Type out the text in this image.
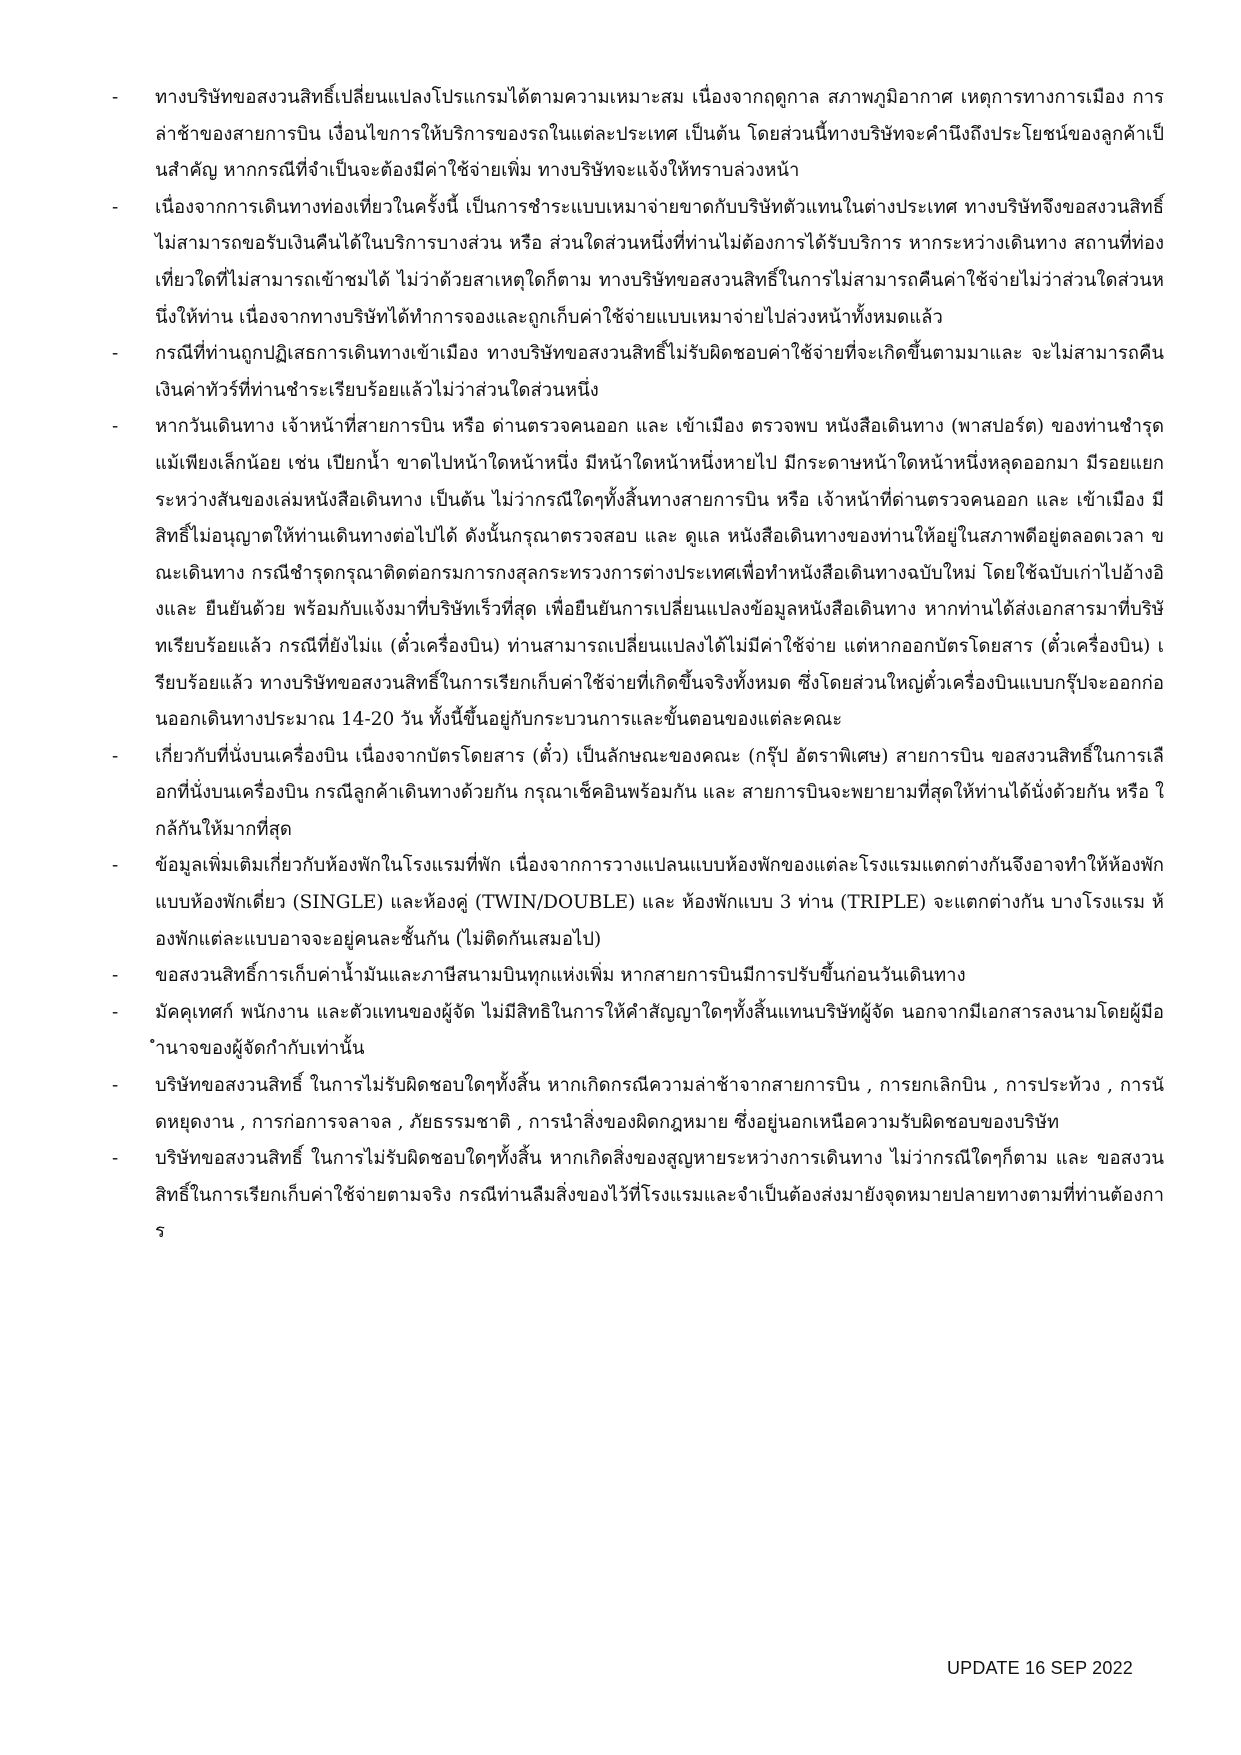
-	ทางบริษัทขอสงวนสิทธิ์เปลี่ยนแปลงโปรแกรมได้ตามความเหมาะสม เนื่องจากฤดูกาล สภาพภูมิอากาศ เหตุการทางการเมือง การล่าช้าของสายการบิน เงื่อนไขการให้บริการของรถในแต่ละประเทศ เป็นต้น โดยส่วนนี้ทางบริษัทจะคำนึงถึงประโยชน์ของลูกค้าเป็นสำคัญ หากกรณีที่จำเป็นจะต้องมีค่าใช้จ่ายเพิ่ม ทางบริษัทจะแจ้งให้ทราบล่วงหน้า
-	เนื่องจากการเดินทางท่องเที่ยวในครั้งนี้ เป็นการชำระแบบเหมาจ่ายขาดกับบริษัทตัวแทนในต่างประเทศ ทางบริษัทจึงขอสงวนสิทธิ์ ไม่สามารถขอรับเงินคืนได้ในบริการบางส่วน หรือ ส่วนใดส่วนหนึ่งที่ท่านไม่ต้องการได้รับบริการ หากระหว่างเดินทาง สถานที่ท่องเที่ยวใดที่ไม่สามารถเข้าชมได้ ไม่ว่าด้วยสาเหตุใดก็ตาม ทางบริษัทขอสงวนสิทธิ์ในการไม่สามารถคืนค่าใช้จ่ายไม่ว่าส่วนใดส่วนหนึ่งให้ท่าน เนื่องจากทางบริษัทได้ทำการจองและถูกเก็บค่าใช้จ่ายแบบเหมาจ่ายไปล่วงหน้าทั้งหมดแล้ว
-	กรณีที่ท่านถูกปฏิเสธการเดินทางเข้าเมือง ทางบริษัทขอสงวนสิทธิ์ไม่รับผิดชอบค่าใช้จ่ายที่จะเกิดขึ้นตามมาและ จะไม่สามารถคืนเงินค่าทัวร์ที่ท่านชำระเรียบร้อยแล้วไม่ว่าส่วนใดส่วนหนึ่ง
-	หากวันเดินทาง เจ้าหน้าที่สายการบิน หรือ ด่านตรวจคนออก และ เข้าเมือง ตรวจพบ หนังสือเดินทาง (พาสปอร์ต) ของท่านชำรุดแม้เพียงเล็กน้อย เช่น เปียกน้ำ ขาดไปหน้าใดหน้าหนึ่ง มีหน้าใดหน้าหนึ่งหายไป มีกระดาษหน้าใดหน้าหนึ่งหลุดออกมา มีรอยแยกระหว่างสันของเล่มหนังสือเดินทาง เป็นต้น ไม่ว่ากรณีใดๆทั้งสิ้นทางสายการบิน หรือ เจ้าหน้าที่ด่านตรวจคนออก และ เข้าเมือง มีสิทธิ์ไม่อนุญาตให้ท่านเดินทางต่อไปได้ ดังนั้นกรุณาตรวจสอบ และ ดูแล หนังสือเดินทางของท่านให้อยู่ในสภาพดีอยู่ตลอดเวลา ขณะเดินทาง กรณีชำรุดกรุณาติดต่อกรมการกงสุลกระทรวงการต่างประเทศเพื่อทำหนังสือเดินทางฉบับใหม่ โดยใช้ฉบับเก่าไปอ้างอิงและ ยืนยันด้วย พร้อมกับแจ้งมาที่บริษัทเร็วที่สุด เพื่อยืนยันการเปลี่ยนแปลงข้อมูลหนังสือเดินทาง หากท่านได้ส่งเอกสารมาที่บริษัทเรียบร้อยแล้ว กรณีที่ยังไม่แ (ตั๋วเครื่องบิน) ท่านสามารถเปลี่ยนแปลงได้ไม่มีค่าใช้จ่าย แต่หากออกบัตรโดยสาร (ตั๋วเครื่องบิน) เรียบร้อยแล้ว ทางบริษัทขอสงวนสิทธิ์ในการเรียกเก็บค่าใช้จ่ายที่เกิดขึ้นจริงทั้งหมด ซึ่งโดยส่วนใหญ่ตั๋วเครื่องบินแบบกรุ๊ปจะออกก่อนออกเดินทางประมาณ 14-20 วัน ทั้งนี้ขึ้นอยู่กับกระบวนการและขั้นตอนของแต่ละคณะ
-	เกี่ยวกับที่นั่งบนเครื่องบิน เนื่องจากบัตรโดยสาร (ตั๋ว) เป็นลักษณะของคณะ (กรุ๊ป อัตราพิเศษ) สายการบิน ขอสงวนสิทธิ์ในการเลือกที่นั่งบนเครื่องบิน กรณีลูกค้าเดินทางด้วยกัน กรุณาเช็คอินพร้อมกัน และ สายการบินจะพยายามที่สุดให้ท่านได้นั่งด้วยกัน หรือ ใกล้กันให้มากที่สุด
-	ข้อมูลเพิ่มเติมเกี่ยวกับห้องพักในโรงแรมที่พัก เนื่องจากการวางแปลนแบบห้องพักของแต่ละโรงแรมแตกต่างกันจึงอาจทำให้ห้องพักแบบห้องพักเดี่ยว (SINGLE) และห้องคู่ (TWIN/DOUBLE) และ ห้องพักแบบ 3 ท่าน (TRIPLE) จะแตกต่างกัน บางโรงแรม ห้องพักแต่ละแบบอาจจะอยู่คนละชั้นกัน (ไม่ติดกันเสมอไป)
-	ขอสงวนสิทธิ์การเก็บค่าน้ำมันและภาษีสนามบินทุกแห่งเพิ่ม หากสายการบินมีการปรับขึ้นก่อนวันเดินทาง
-	มัคคุเทศก์ พนักงาน และตัวแทนของผู้จัด ไม่มีสิทธิในการให้คำสัญญาใดๆทั้งสิ้นแทนบริษัทผู้จัด นอกจากมีเอกสารลงนามโดยผู้มีอำนาจของผู้จัดกำกับเท่านั้น
-	บริษัทขอสงวนสิทธิ์ ในการไม่รับผิดชอบใดๆทั้งสิ้น หากเกิดกรณีความล่าช้าจากสายการบิน , การยกเลิกบิน , การประท้วง , การนัดหยุดงาน , การก่อการจลาจล , ภัยธรรมชาติ , การนำสิ่งของผิดกฎหมาย ซึ่งอยู่นอกเหนือความรับผิดชอบของบริษัท
-	บริษัทขอสงวนสิทธิ์ ในการไม่รับผิดชอบใดๆทั้งสิ้น หากเกิดสิ่งของสูญหายระหว่างการเดินทาง ไม่ว่ากรณีใดๆก็ตาม และ ขอสงวนสิทธิ์ในการเรียกเก็บค่าใช้จ่ายตามจริง กรณีท่านลืมสิ่งของไว้ที่โรงแรมและจำเป็นต้องส่งมายังจุดหมายปลายทางตามที่ท่านต้องการ
UPDATE 16 SEP 2022
